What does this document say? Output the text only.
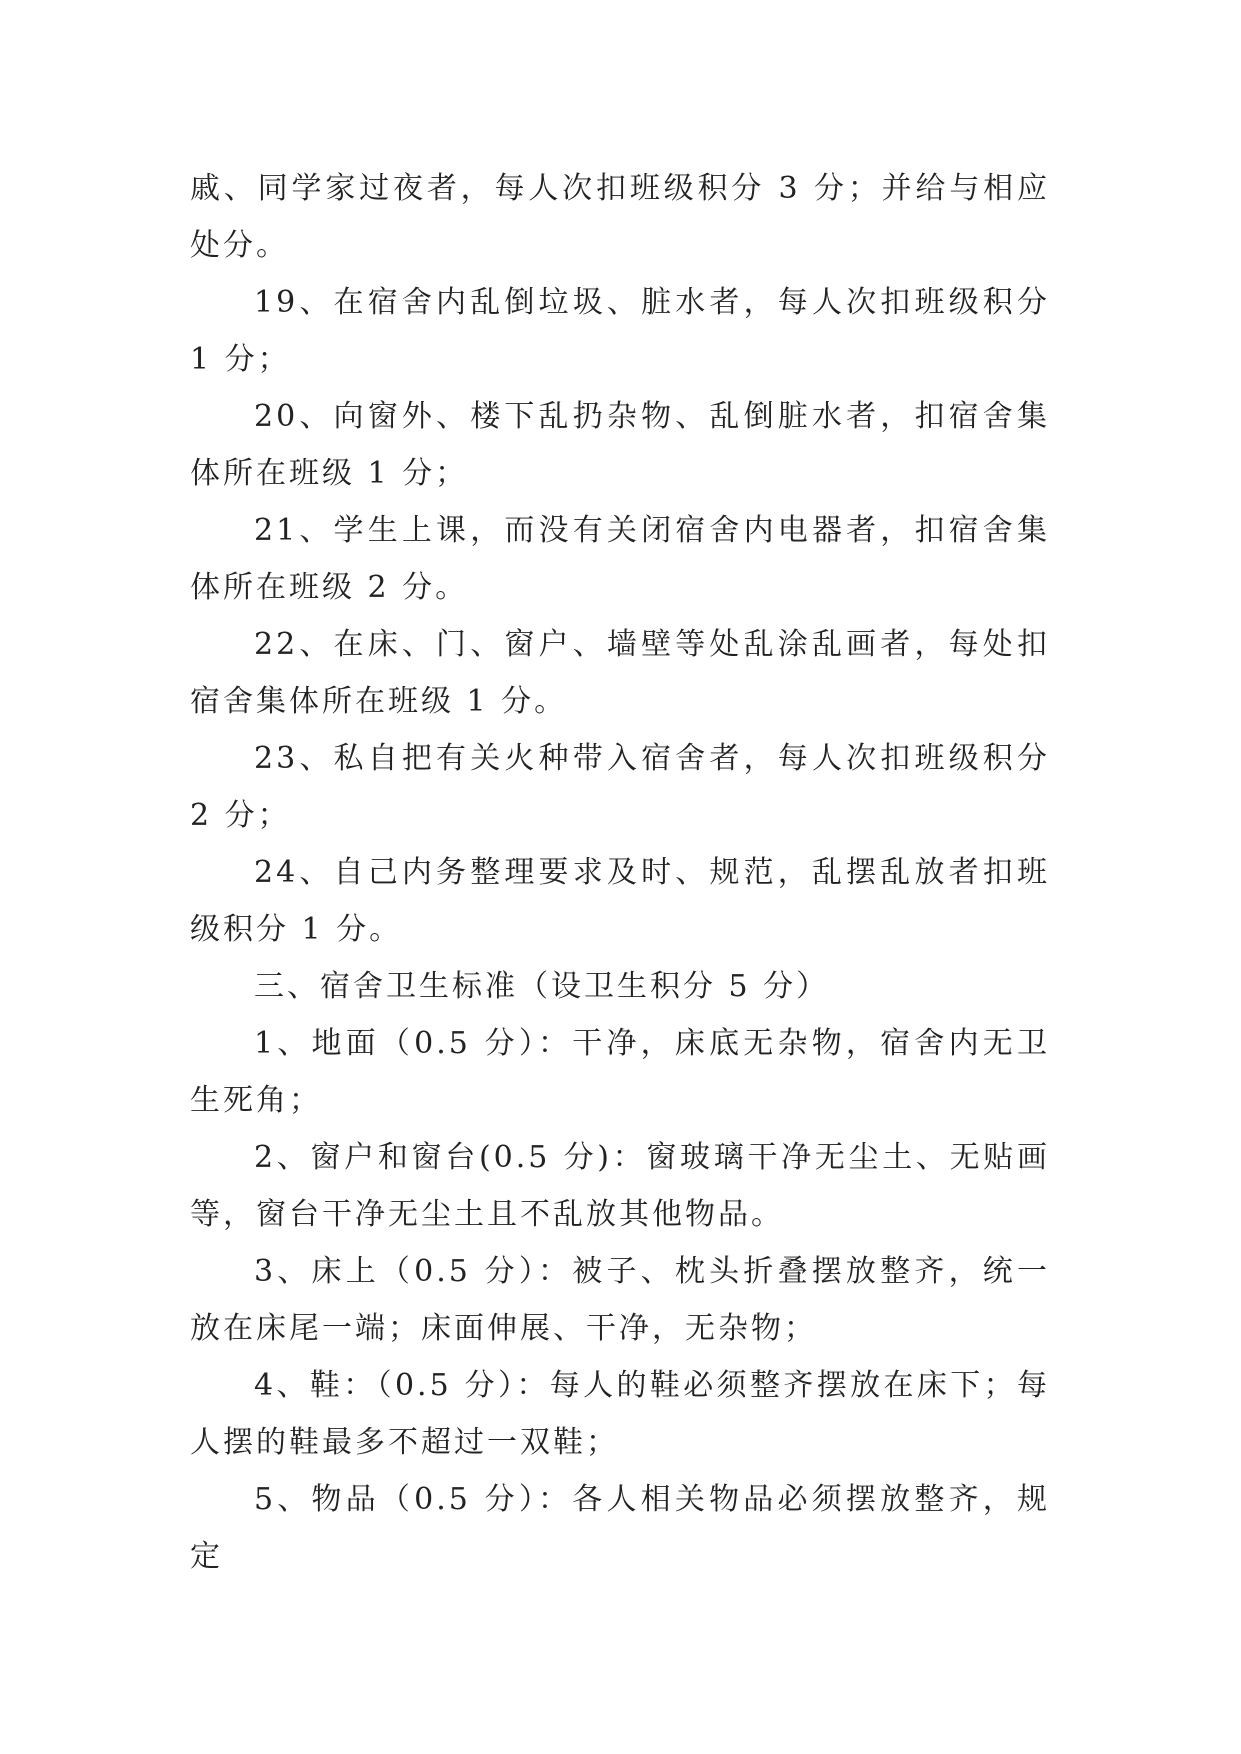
戚、同学家过夜者，每人次扣班级积分 3 分；并给与相应处分。

19、在宿舍内乱倒垃圾、脏水者，每人次扣班级积分 1 分；

20、向窗外、楼下乱扔杂物、乱倒脏水者，扣宿舍集体所在班级 1 分；

21、学生上课，而没有关闭宿舍内电器者，扣宿舍集体所在班级 2 分。

22、在床、门、窗户、墙壁等处乱涂乱画者，每处扣宿舍集体所在班级 1 分。

23、私自把有关火种带入宿舍者，每人次扣班级积分 2 分；

24、自己内务整理要求及时、规范，乱摆乱放者扣班级积分 1 分。

三、宿舍卫生标准（设卫生积分 5 分）

1、地面（0.5 分）：干净，床底无杂物，宿舍内无卫生死角；

2、窗户和窗台(0.5 分)：窗玻璃干净无尘土、无贴画等，窗台干净无尘土且不乱放其他物品。

3、床上（0.5 分）：被子、枕头折叠摆放整齐，统一放在床尾一端；床面伸展、干净，无杂物；

4、鞋：（0.5 分）：每人的鞋必须整齐摆放在床下；每人摆的鞋最多不超过一双鞋；

5、物品（0.5 分）：各人相关物品必须摆放整齐，规定
